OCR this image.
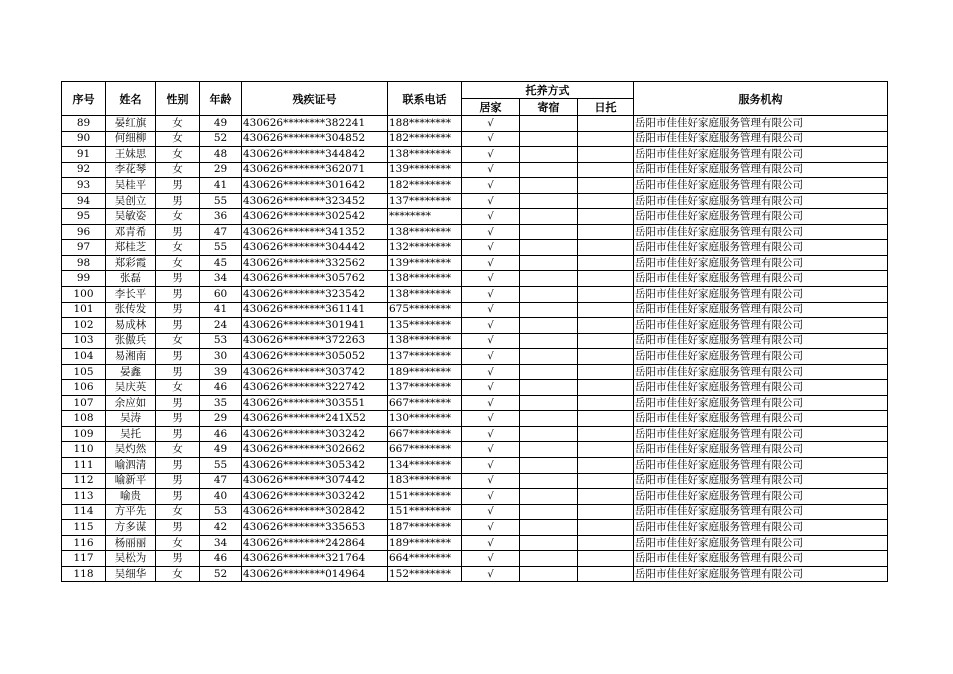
序号	姓名	性别	年龄	残疾证号	联系电话	托养方式			服务机构
						居家	寄宿	日托	
89	晏红旗	女	49	430626********382241	188********	√			岳阳市佳佳好家庭服务管理有限公司
90	何细柳	女	52	430626********304852	182********	√			岳阳市佳佳好家庭服务管理有限公司
91	王妹思	女	48	430626********344842	138********	√			岳阳市佳佳好家庭服务管理有限公司
92	李花琴	女	29	430626********362071	139********	√			岳阳市佳佳好家庭服务管理有限公司
93	吴桂平	男	41	430626********301642	182********	√			岳阳市佳佳好家庭服务管理有限公司
94	吴创立	男	55	430626********323452	137********	√			岳阳市佳佳好家庭服务管理有限公司
95	吴敏姿	女	36	430626********302542	********	√			岳阳市佳佳好家庭服务管理有限公司
96	邓青希	男	47	430626********341352	138********	√			岳阳市佳佳好家庭服务管理有限公司
97	郑桂芝	女	55	430626********304442	132********	√			岳阳市佳佳好家庭服务管理有限公司
98	郑彩霞	女	45	430626********332562	139********	√			岳阳市佳佳好家庭服务管理有限公司
99	张磊	男	34	430626********305762	138********	√			岳阳市佳佳好家庭服务管理有限公司
100	李长平	男	60	430626********323542	138********	√			岳阳市佳佳好家庭服务管理有限公司
101	张传发	男	41	430626********361141	675********	√			岳阳市佳佳好家庭服务管理有限公司
102	易成林	男	24	430626********301941	135********	√			岳阳市佳佳好家庭服务管理有限公司
103	张傲兵	女	53	430626********372263	138********	√			岳阳市佳佳好家庭服务管理有限公司
104	易湘南	男	30	430626********305052	137********	√			岳阳市佳佳好家庭服务管理有限公司
105	晏鑫	男	39	430626********303742	189********	√			岳阳市佳佳好家庭服务管理有限公司
106	吴庆英	女	46	430626********322742	137********	√			岳阳市佳佳好家庭服务管理有限公司
107	余应如	男	35	430626********303551	667********	√			岳阳市佳佳好家庭服务管理有限公司
108	吴涛	男	29	430626********241X52	130********	√			岳阳市佳佳好家庭服务管理有限公司
109	吴托	男	46	430626********303242	667********	√			岳阳市佳佳好家庭服务管理有限公司
110	吴灼然	女	49	430626********302662	667********	√			岳阳市佳佳好家庭服务管理有限公司
111	喻泗清	男	55	430626********305342	134********	√			岳阳市佳佳好家庭服务管理有限公司
112	喻新平	男	47	430626********307442	183********	√			岳阳市佳佳好家庭服务管理有限公司
113	喻贵	男	40	430626********303242	151********	√			岳阳市佳佳好家庭服务管理有限公司
114	方平先	女	53	430626********302842	151********	√			岳阳市佳佳好家庭服务管理有限公司
115	方多谋	男	42	430626********335653	187********	√			岳阳市佳佳好家庭服务管理有限公司
116	杨丽丽	女	34	430626********242864	189********	√			岳阳市佳佳好家庭服务管理有限公司
117	吴松为	男	46	430626********321764	664********	√			岳阳市佳佳好家庭服务管理有限公司
118	吴细华	女	52	430626********014964	152********	√			岳阳市佳佳好家庭服务管理有限公司
